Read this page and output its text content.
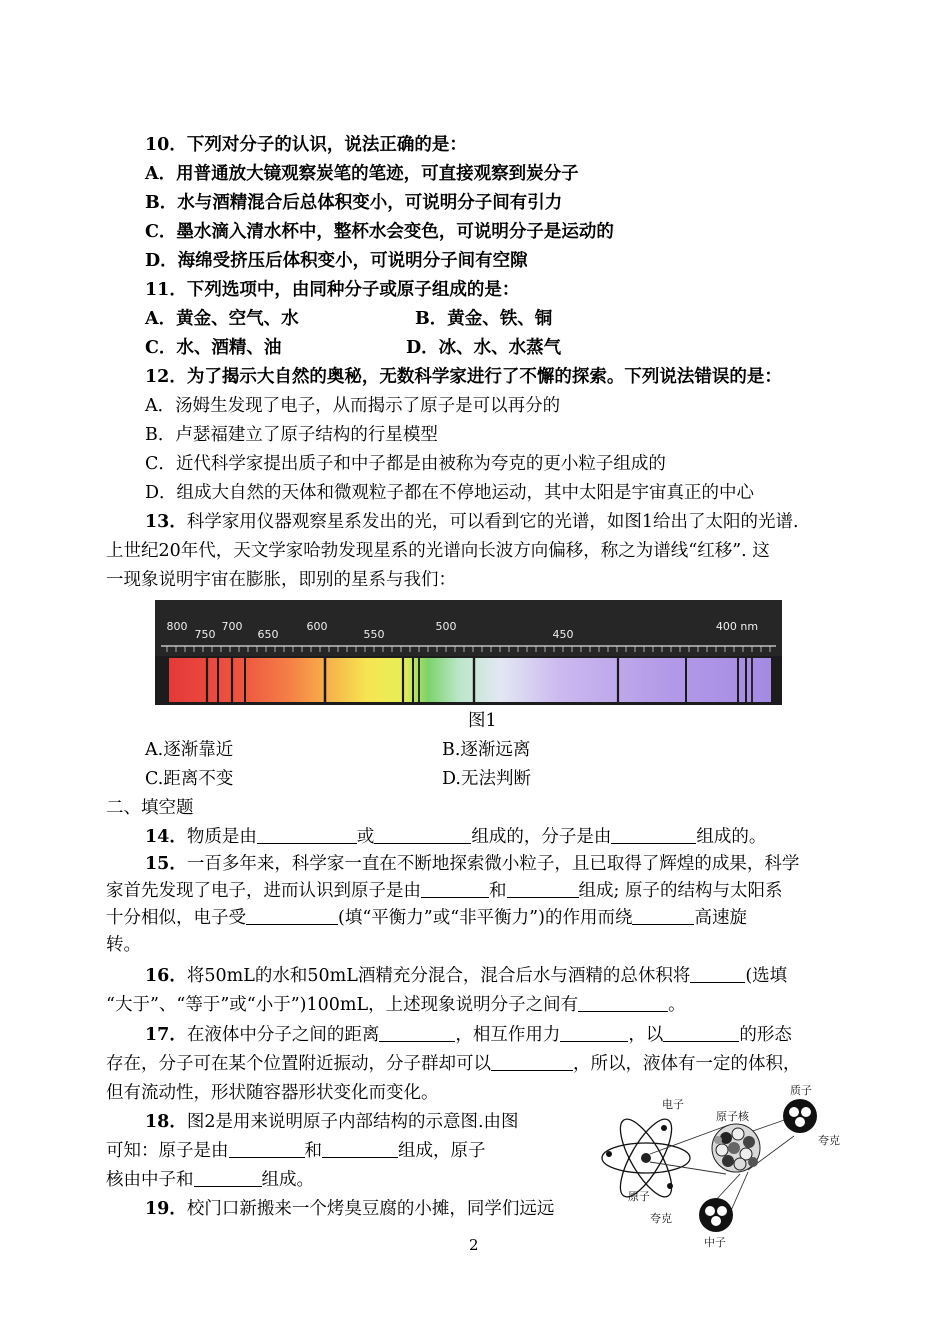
10．下列对分子的认识，说法正确的是：
A．用普通放大镜观察炭笔的笔迹，可直接观察到炭分子
B．水与酒精混合后总体积变小，可说明分子间有引力
C．墨水滴入清水杯中，整杯水会变色，可说明分子是运动的
D．海绵受挤压后体积变小，可说明分子间有空隙
11．下列选项中，由同种分子或原子组成的是：
A．黄金、空气、水	B．黄金、铁、铜
C．水、酒精、油	D．冰、水、水蒸气
12．为了揭示大自然的奥秘，无数科学家进行了不懈的探索。下列说法错误的是：
A．汤姆生发现了电子，从而揭示了原子是可以再分的
B．卢瑟福建立了原子结构的行星模型
C．近代科学家提出质子和中子都是由被称为夸克的更小粒子组成的
D．组成大自然的天体和微观粒子都在不停地运动，其中太阳是宇宙真正的中心
13．科学家用仪器观察星系发出的光，可以看到它的光谱，如图1给出了太阳的光谱.
上世纪20年代，天文学家哈勃发现星系的光谱向长波方向偏移，称之为谱线“红移”. 这
一现象说明宇宙在膨胀，即别的星系与我们：
800
750
700
650
600
550
500
450
400 nm
图1
A.逐渐靠近	B.逐渐远离
C.距离不变	D.无法判断
二、填空题
14．物质是由	或	组成的，分子是由	组成的。
15．一百多年来，科学家一直在不断地探索微小粒子，且已取得了辉煌的成果，科学
家首先发现了电子，进而认识到原子是由	和	组成; 原子的结构与太阳系
十分相似，电子受	(填“平衡力”或“非平衡力”)的作用而绕	高速旋
转。
16．将50mL的水和50mL酒精充分混合，混合后水与酒精的总休积将	(选填
“大于”、“等于”或“小于”)100mL，上述现象说明分子之间有	。
17．在液体中分子之间的距离	，相互作用力	，以	的形态
存在，分子可在某个位置附近振动，分子群却可以	，所以，液体有一定的体积，
但有流动性，形状随容器形状变化而变化。
18．图2是用来说明原子内部结构的示意图.由图
可知：原子是由	和	组成，原子
核由中子和	组成。
19．校门口新搬来一个烤臭豆腐的小摊，同学们远远
电子
质子
原子核
夸克
原子
夸克
中子
2
